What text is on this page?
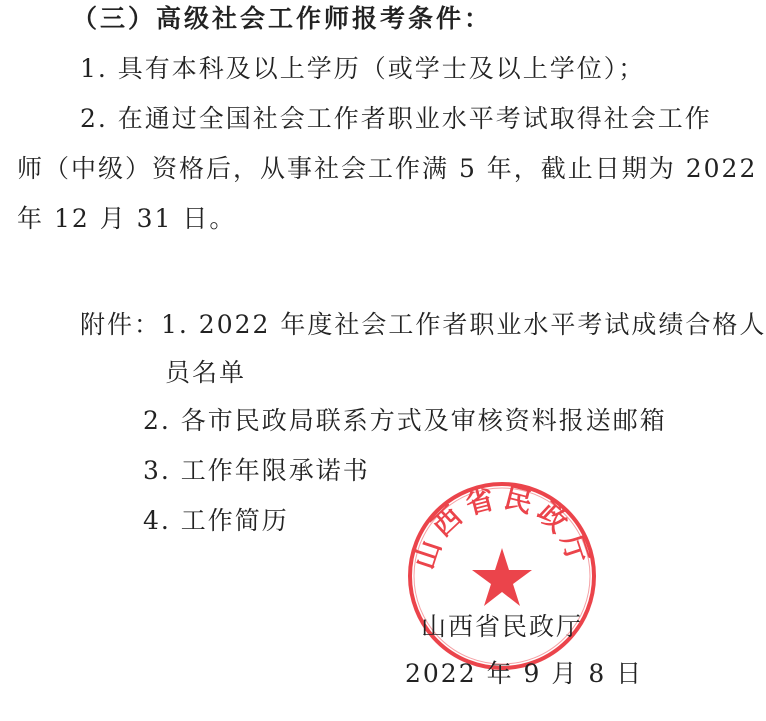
（三）高级社会工作师报考条件：
1. 具有本科及以上学历（或学士及以上学位）；
2. 在通过全国社会工作者职业水平考试取得社会工作
师（中级）资格后，从事社会工作满 5 年，截止日期为 2022
年 12 月 31 日。
附件：1. 2022 年度社会工作者职业水平考试成绩合格人
员名单
2. 各市民政局联系方式及审核资料报送邮箱
3. 工作年限承诺书
4. 工作简历
山西省民政厅
山西省民政厅
2022 年 9 月 8 日
